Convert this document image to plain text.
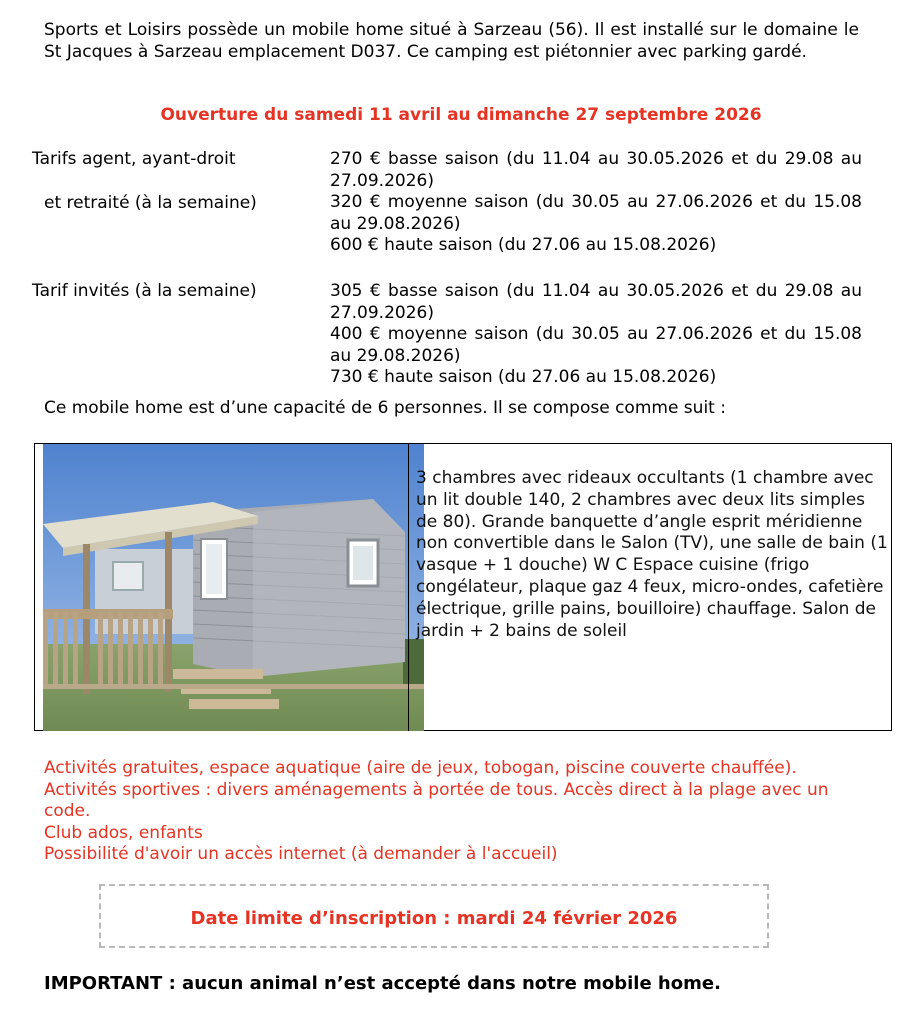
Sports et Loisirs possède un mobile home situé à Sarzeau (56). Il est installé sur le domaine le St Jacques à Sarzeau emplacement D037. Ce camping est piétonnier avec parking gardé.
Ouverture du samedi 11 avril au dimanche 27 septembre 2026
Tarifs agent, ayant-droit
et retraité (à la semaine)
270 € basse saison (du 11.04 au 30.05.2026 et du 29.08 au 27.09.2026)
320 € moyenne saison (du 30.05 au 27.06.2026 et du 15.08 au 29.08.2026)
600 € haute saison (du 27.06 au 15.08.2026)
Tarif invités (à la semaine)	305 € basse saison (du 11.04 au 30.05.2026 et du 29.08 au 27.09.2026)
400 € moyenne saison (du 30.05 au 27.06.2026 et du 15.08 au 29.08.2026)
730 € haute saison (du 27.06 au 15.08.2026)
Ce mobile home est d’une capacité de 6 personnes. Il se compose comme suit :
3 chambres avec rideaux occultants (1 chambre avec un lit double 140, 2 chambres avec deux lits simples de 80). Grande banquette d’angle esprit méridienne non convertible dans le Salon (TV), une salle de bain (1 vasque + 1 douche) W C Espace cuisine (frigo congélateur, plaque gaz 4 feux, micro-ondes, cafetière électrique, grille pains, bouilloire) chauffage. Salon de jardin + 2 bains de soleil
Activités gratuites, espace aquatique (aire de jeux, tobogan, piscine couverte chauffée).
Activités sportives : divers aménagements à portée de tous. Accès direct à la plage avec un code.
Club ados, enfants
Possibilité d'avoir un accès internet (à demander à l'accueil)
Date limite d’inscription : mardi 24 février 2026
IMPORTANT : aucun animal n’est accepté dans notre mobile home.
